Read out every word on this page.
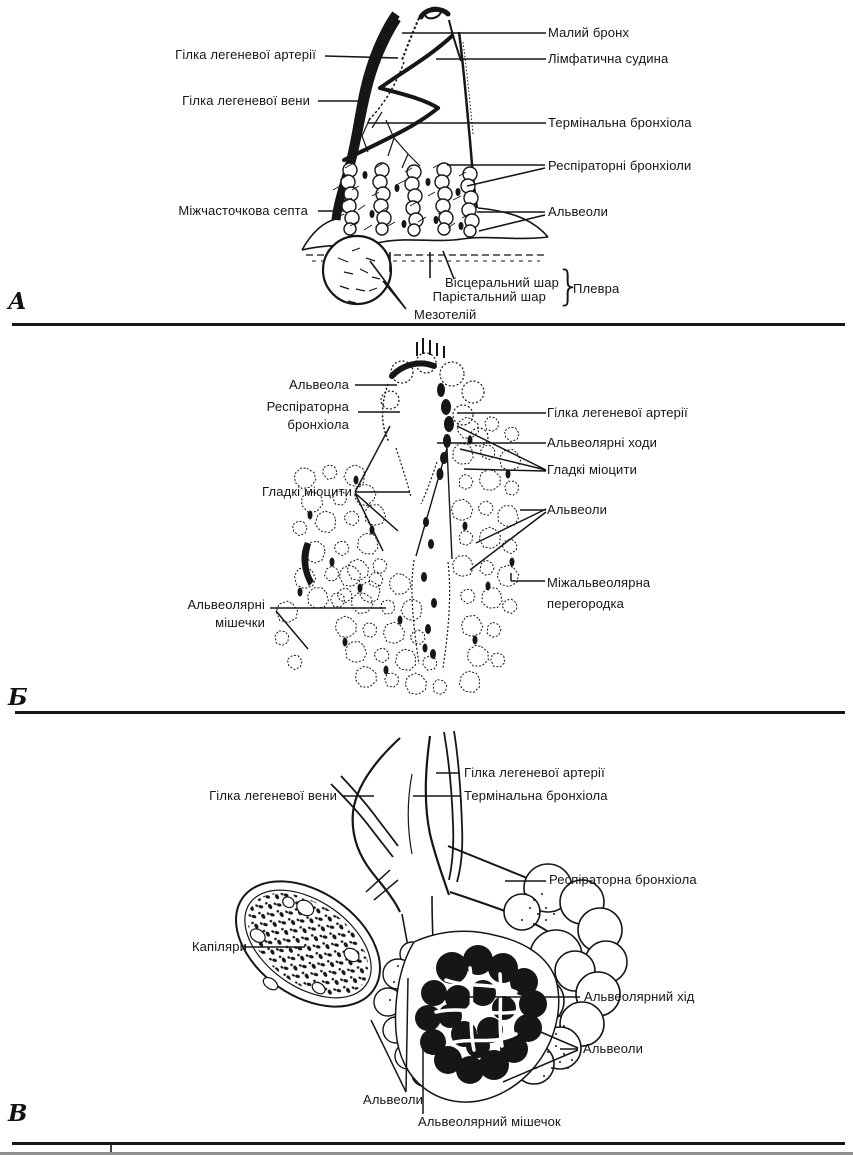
Малий бронх
Лімфатична судина
Термінальна бронхіола
Респіраторні бронхіоли
Альвеоли
Гілка легеневої артерії
Гілка легеневої вени
Міжчасточкова септа
Вісцеральний шар
Парієтальний шар }
Плевра
Мезотелій
А
Альвеола
Респіраторна
бронхіола
Гладкі міоцити
Альвеолярні
мішечки
Гілка легеневої артерії
Альвеолярні ходи
Гладкі міоцити
Альвеоли
Міжальвеолярна
перегородка
Б
Гілка легеневої артерії
Гілка легеневої вени	Термінальна бронхіола
Респіраторна бронхіола
Капіляри
Альвеолярний хід
Альвеоли
Альвеоли
Альвеолярний мішечок
В
